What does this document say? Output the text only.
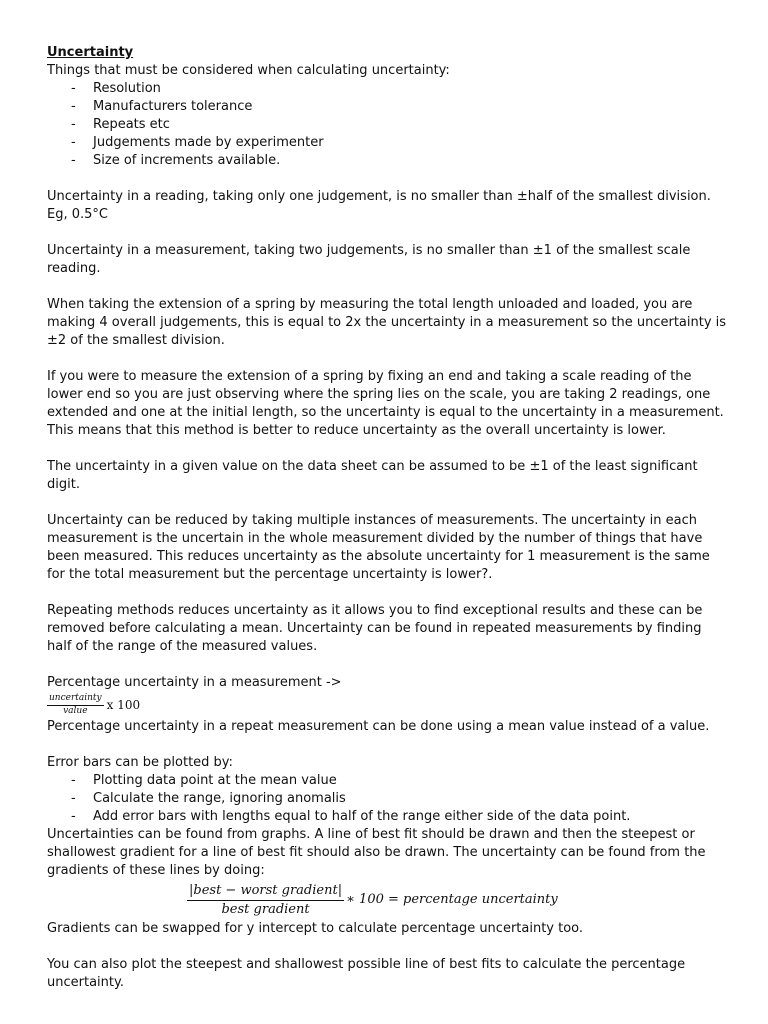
Uncertainty

Things that must be considered when calculating uncertainty:

- Resolution
- Manufacturers tolerance
- Repeats etc
- Judgements made by experimenter
- Size of increments available.

Uncertainty in a reading, taking only one judgement, is no smaller than ±half of the smallest division. Eg, 0.5°C

Uncertainty in a measurement, taking two judgements, is no smaller than ±1 of the smallest scale reading.

When taking the extension of a spring by measuring the total length unloaded and loaded, you are making 4 overall judgements, this is equal to 2x the uncertainty in a measurement so the uncertainty is ±2 of the smallest division.

If you were to measure the extension of a spring by fixing an end and taking a scale reading of the lower end so you are just observing where the spring lies on the scale, you are taking 2 readings, one extended and one at the initial length, so the uncertainty is equal to the uncertainty in a measurement. This means that this method is better to reduce uncertainty as the overall uncertainty is lower.

The uncertainty in a given value on the data sheet can be assumed to be ±1 of the least significant digit.

Uncertainty can be reduced by taking multiple instances of measurements. The uncertainty in each measurement is the uncertain in the whole measurement divided by the number of things that have been measured. This reduces uncertainty as the absolute uncertainty for 1 measurement is the same for the total measurement but the percentage uncertainty is lower?.

Repeating methods reduces uncertainty as it allows you to find exceptional results and these can be removed before calculating a mean. Uncertainty can be found in repeated measurements by finding half of the range of the measured values.

Percentage uncertainty in a measurement ->

$\frac{\text{uncertainty}}{\text{value}}$ x 100

Percentage uncertainty in a repeat measurement can be done using a mean value instead of a value.

Error bars can be plotted by:

- Plotting data point at the mean value
- Calculate the range, ignoring anomalis
- Add error bars with lengths equal to half of the range either side of the data point.

Uncertainties can be found from graphs. A line of best fit should be drawn and then the steepest or shallowest gradient for a line of best fit should also be drawn. The uncertainty can be found from the gradients of these lines by doing:

$\frac{\text{|best − worst gradient|}}{\text{best gradient}}$ ∗ 100 = percentage uncertainty

Gradients can be swapped for y intercept to calculate percentage uncertainty too.

You can also plot the steepest and shallowest possible line of best fits to calculate the percentage uncertainty.
